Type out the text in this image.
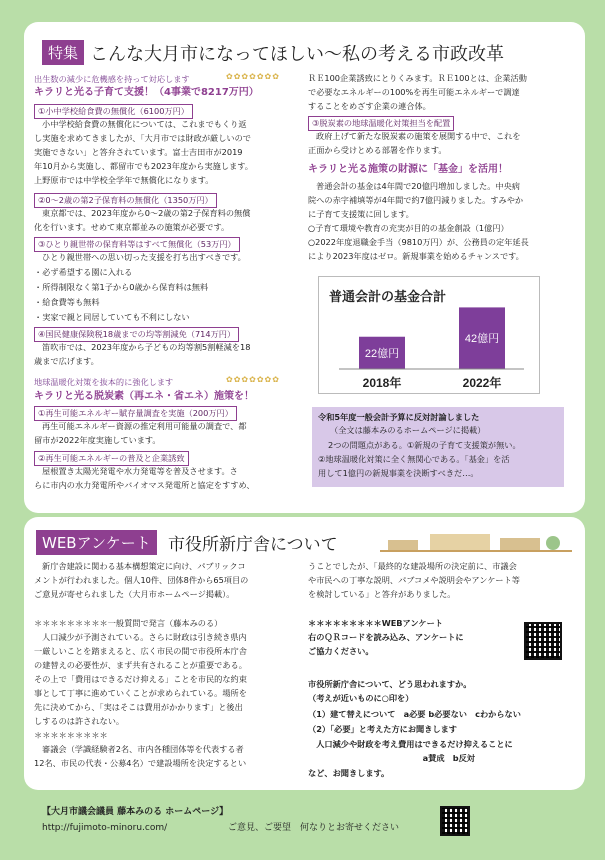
特集 こんな大月市になってほしい～私の考える市政改革
出生数の減少に危機感を持って対応します	✿✿✿✿✿✿✿
キラリと光る子育て支援！（4事業で8217万円）
①小中学校給食費の無償化（6100万円）
小中学校給食費の無償化については、これまでもくり返
し実施を求めてきましたが、「大月市では財政が厳しいので
実施できない」と答弁されています。富士吉田市が2019
年10月から実施し、都留市でも2023年度から実施します。
上野原市では中学校全学年で無償化になります。
②0～2歳の第2子保育料の無償化（1350万円）
東京都では、2023年度から0～2歳の第2子保育料の無償
化を行います。せめて東京都並みの施策が必要です。
③ひとり親世帯の保育料等はすべて無償化（53万円）
ひとり親世帯への思い切った支援を打ち出すべきです。
・必ず希望する園に入れる
・所得制限なく第1子から0歳から保育料は無料
・給食費等も無料
・実家で親と同居していても不利にしない
④国民健康保険税18歳までの均等割減免（714万円）
笛吹市では、2023年度から子どもの均等割5割軽減を18
歳まで広げます。
地球温暖化対策を抜本的に強化します	✿✿✿✿✿✿✿
キラリと光る脱炭素（再エネ・省エネ）施策を！
①再生可能エネルギー賦存量調査を実施（200万円）
再生可能エネルギー資源の推定利用可能量の調査で、都
留市が2022年度実施しています。
②再生可能エネルギーの普及と企業誘致
屋根置き太陽光発電や水力発電等を普及させます。さ
らに市内の水力発電所やバイオマス発電所と協定をすすめ、
ＲＥ100企業誘致にとりくみます。ＲＥ100とは、企業活動
で必要なエネルギーの100%を再生可能エネルギーで調達
することをめざす企業の連合体。
③脱炭素の地球温暖化対策担当を配置
政府上げて新たな脱炭素の施策を展開する中で、これを
正面から受けとめる部署を作ります。
キラリと光る施策の財源に「基金」を活用！
普通会計の基金は4年間で20億円増加しました。中央病
院への赤字補填等が4年間で約7億円減りました。すみやか
に子育て支援策に回します。
○子育て環境や教育の充実が目的の基金創設（1億円）
○2022年度退職金手当（9810万円）が、公務員の定年延長
により2023年度はゼロ。新規事業を始めるチャンスです。
普通会計の基金合計
22億円
2018年
42億円
2022年
令和5年度一般会計予算に反対討論しました
（全文は藤本みのるホームページに掲載）
2つの問題点がある。①新規の子育て支援策が無い。
②地球温暖化対策に全く無関心である。「基金」を活
用して1億円の新規事業を決断すべきだ…。
WEBアンケート	市役所新庁舎について
新庁舎建設に関わる基本構想策定に向け、パブリックコ
メントが行われました。個人10件、団体8件から65項目の
ご意見が寄せられました（大月市ホームページ掲載）。
＊＊＊＊＊＊＊＊＊一般質問で発言（藤本みのる）
人口減少が予測されている。さらに財政は引き続き県内
一厳しいことを踏まえると、広く市民の間で市役所本庁舎
の建替えの必要性が、まず共有されることが重要である。
その上で「費用はできるだけ抑える」ことを市民的な約束
事として丁寧に進めていくことが求められている。場所を
先に決めてから、「実はそこは費用がかかります」と後出
しするのは許されない。
＊＊＊＊＊＊＊＊＊
審議会（学識経験者2名、市内各種団体等を代表する者
12名、市民の代表・公募4名）で建設場所を決定するとい
うことでしたが、「最終的な建設場所の決定前に、市議会
や市民への丁寧な説明、パブコメや説明会やアンケート等
を検討している」と答弁がありました。
＊＊＊＊＊＊＊＊＊WEBアンケート
右のＱＲコードを読み込み、アンケートに
ご協力ください。
市役所新庁舎について、どう思われますか。
（考えが近いものに○印を）
（1）建て替えについて　a必要 b必要ない　cわからない
（2）「必要」と考えた方にお聞きします
　人口減少や財政を考え費用はできるだけ抑えることに
　　　　　　　　　　　　　　a賛成　b反対
など、お聞きします。
【大月市議会議員 藤本みのる ホームページ】
http://fujimoto-minoru.com/	ご意見、ご要望　何なりとお寄せください
